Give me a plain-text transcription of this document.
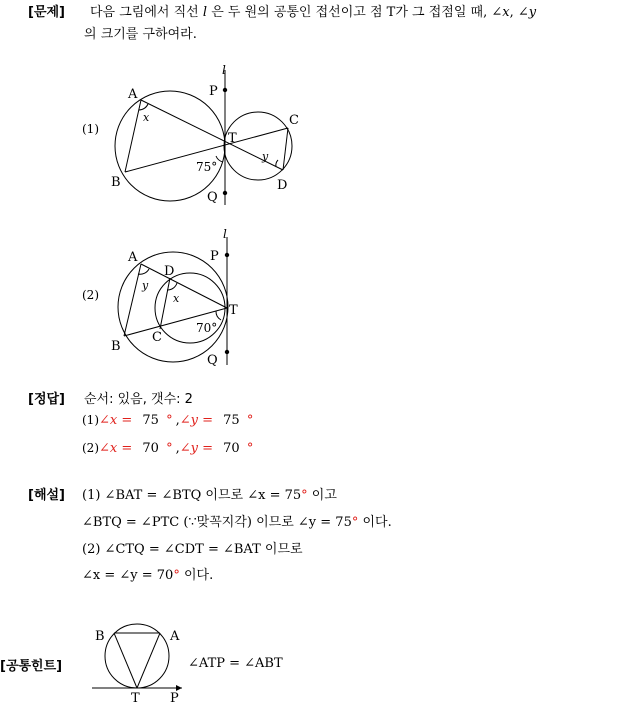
[문제] 다음 그림에서 직선 l 은 두 원의 공통인 접선이고 점 T가 그 접점일 때, ∠x, ∠y
의 크기를 구하여라.
(1)
l
A
B
C
D
P
T
Q
x
y
75°
(2)
l
A
B
C
D
P
T
Q
y
x
70°
[정답] 순서: 있음, 갯수: 2
(1)∠x = 75 ° ,∠y = 75 °
(2)∠x = 70 ° ,∠y = 70 °
[해설] (1) ∠BAT = ∠BTQ 이므로 ∠x = 75° 이고
∠BTQ = ∠PTC (∵맞꼭지각) 이므로 ∠y = 75° 이다.
(2) ∠CTQ = ∠CDT = ∠BAT 이므로
∠x = ∠y = 70° 이다.
[공통힌트]
B	A
T P
∠ATP = ∠ABT
